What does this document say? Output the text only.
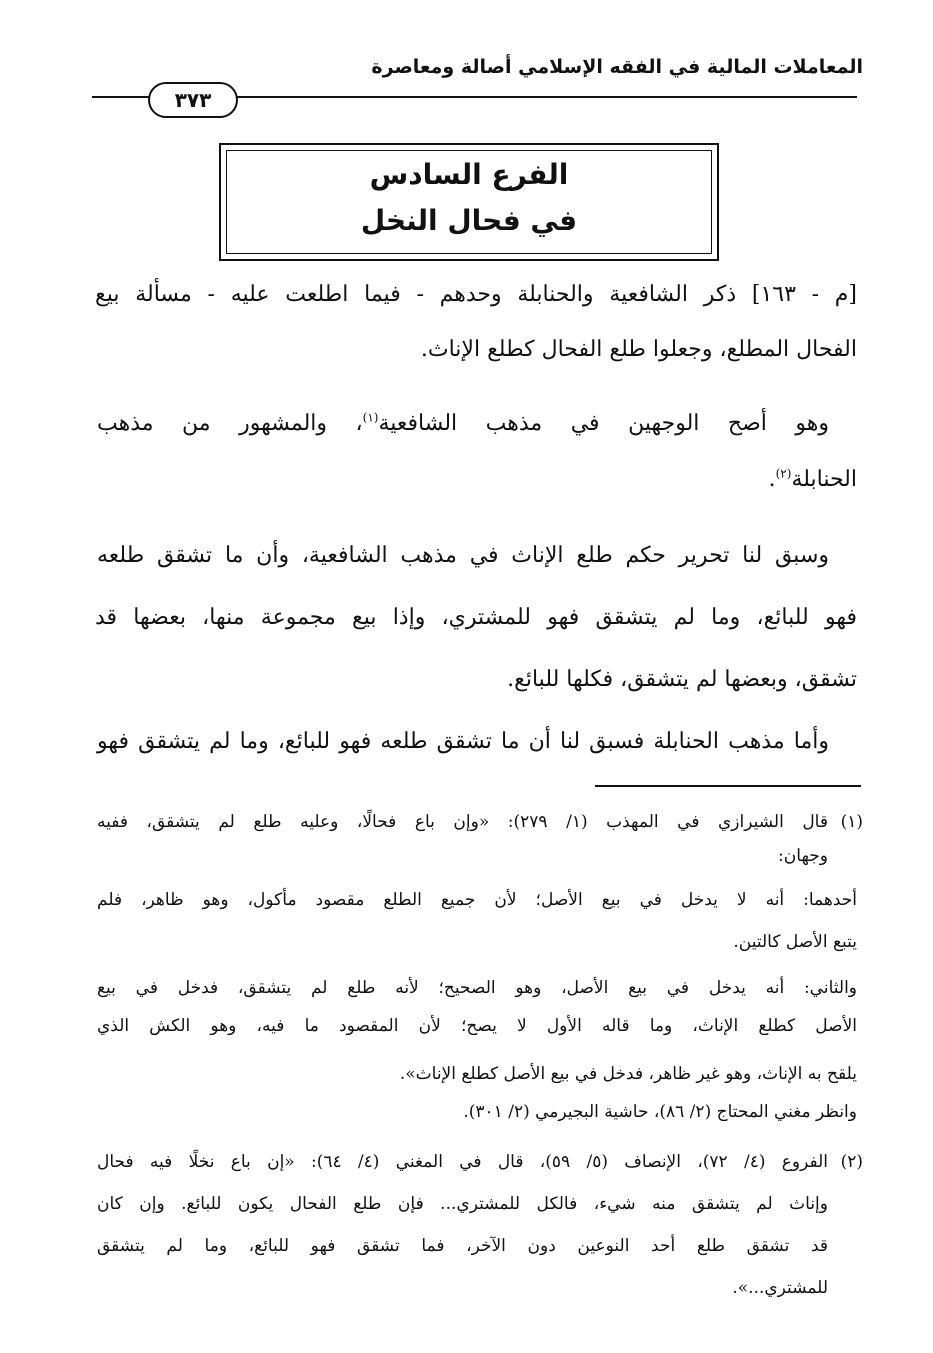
المعاملات المالية في الفقه الإسلامي أصالة ومعاصرة
٣٧٣
الفرع السادس
في فحال النخل
[م - ١٦٣] ذكر الشافعية والحنابلة وحدهم - فيما اطلعت عليه - مسألة بيع
الفحال المطلع، وجعلوا طلع الفحال كطلع الإناث.
وهو أصح الوجهين في مذهب الشافعية$^{(١)}$، والمشهور من مذهب
الحنابلة$^{(٢)}$.
وسبق لنا تحرير حكم طلع الإناث في مذهب الشافعية، وأن ما تشقق طلعه
فهو للبائع، وما لم يتشقق فهو للمشتري، وإذا بيع مجموعة منها، بعضها قد
تشقق، وبعضها لم يتشقق، فكلها للبائع.
وأما مذهب الحنابلة فسبق لنا أن ما تشقق طلعه فهو للبائع، وما لم يتشقق فهو
(١)
قال الشيرازي في المهذب (١/ ٢٧٩): «وإن باع فحالًا، وعليه طلع لم يتشقق، ففيه
وجهان:
أحدهما: أنه لا يدخل في بيع الأصل؛ لأن جميع الطلع مقصود مأكول، وهو ظاهر، فلم
يتبع الأصل كالتين.
والثاني: أنه يدخل في بيع الأصل، وهو الصحيح؛ لأنه طلع لم يتشقق، فدخل في بيع
الأصل كطلع الإناث، وما قاله الأول لا يصح؛ لأن المقصود ما فيه، وهو الكش الذي
يلقح به الإناث، وهو غير ظاهر، فدخل في بيع الأصل كطلع الإناث».
وانظر مغني المحتاج (٢/ ٨٦)، حاشية البجيرمي (٢/ ٣٠١).
(٢)
الفروع (٤/ ٧٢)، الإنصاف (٥/ ٥٩)، قال في المغني (٤/ ٦٤): «إن باع نخلًا فيه فحال
وإناث لم يتشقق منه شيء، فالكل للمشتري... فإن طلع الفحال يكون للبائع. وإن كان
قد تشقق طلع أحد النوعين دون الآخر، فما تشقق فهو للبائع، وما لم يتشقق
للمشتري...».
